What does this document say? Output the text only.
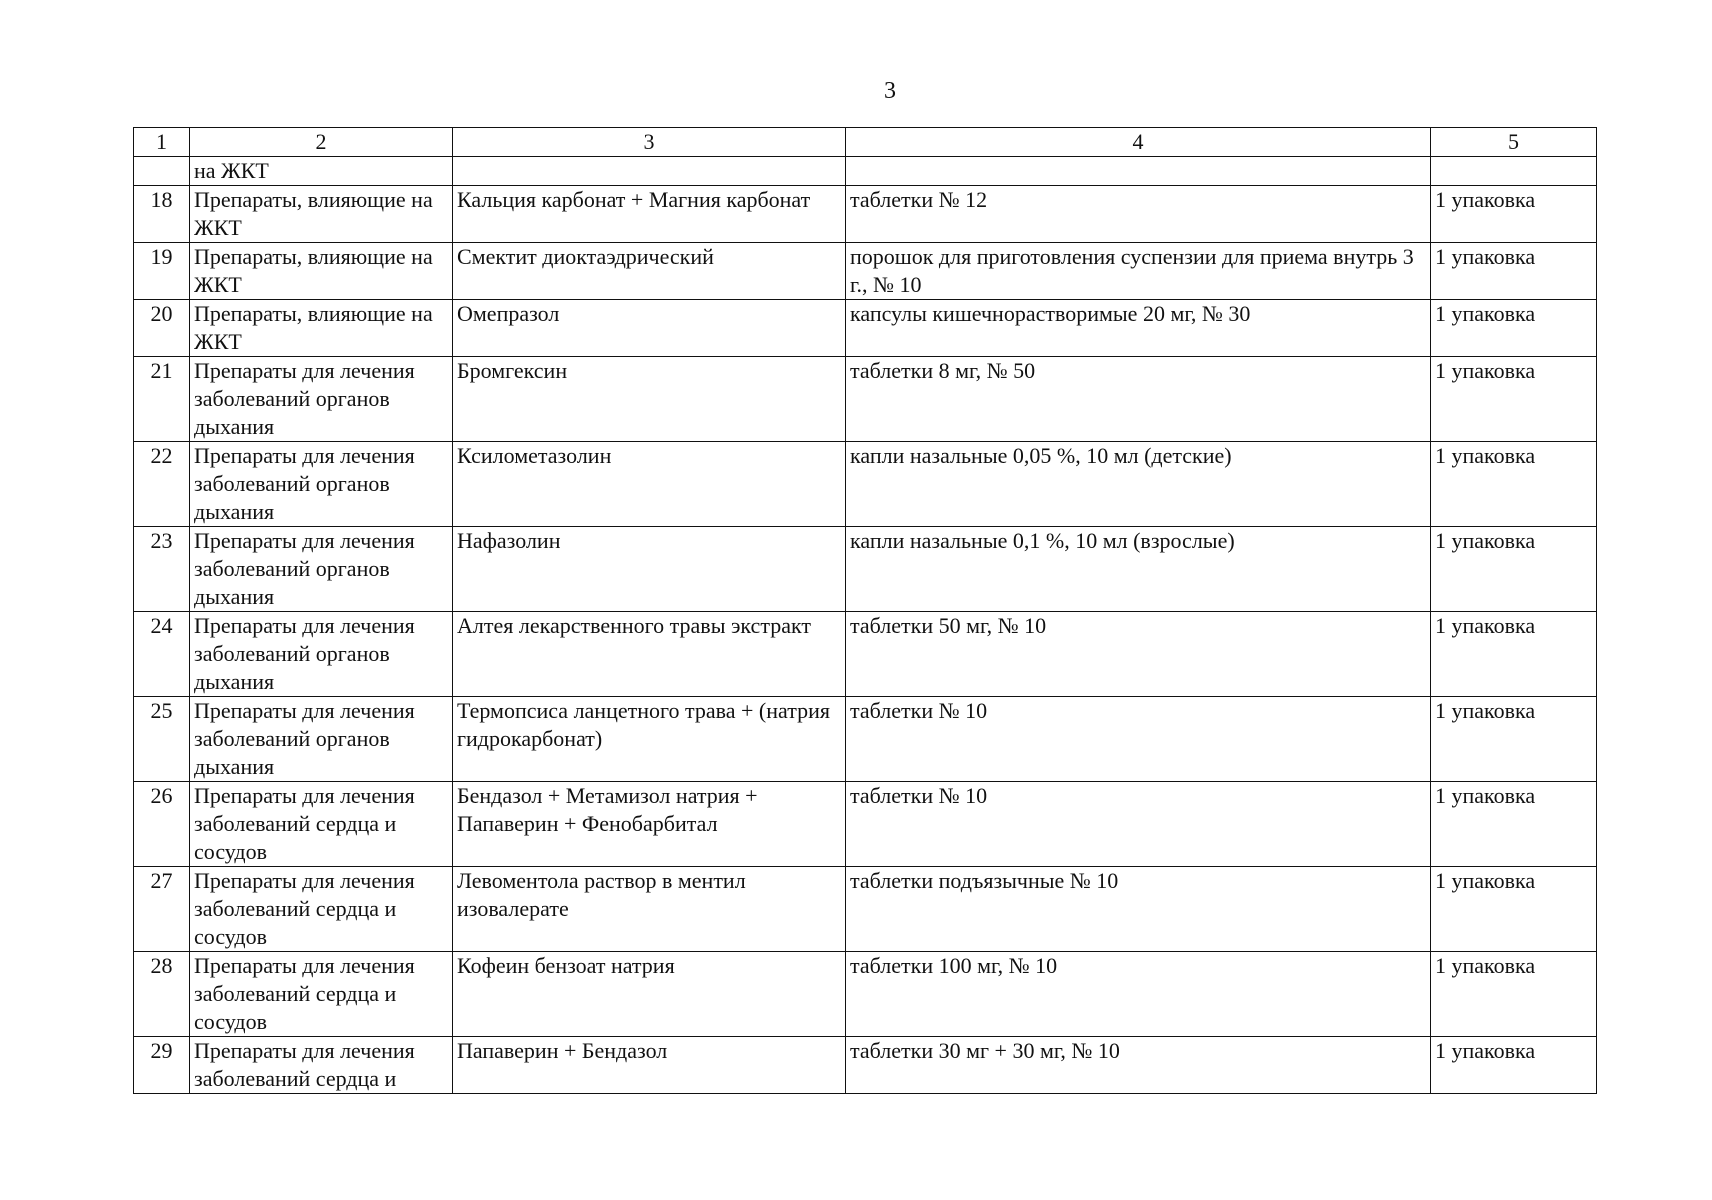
3
1	2	3	4	5
	на ЖКТ			
18	Препараты, влияющие на ЖКТ	Кальция карбонат + Магния карбонат	таблетки № 12	1 упаковка
19	Препараты, влияющие на ЖКТ	Смектит диоктаэдрический	порошок для приготовления суспензии для приема внутрь 3 г., № 10	1 упаковка
20	Препараты, влияющие на ЖКТ	Омепразол	капсулы кишечнорастворимые 20 мг, № 30	1 упаковка
21	Препараты для лечения заболеваний органов дыхания	Бромгексин	таблетки 8 мг, № 50	1 упаковка
22	Препараты для лечения заболеваний органов дыхания	Ксилометазолин	капли назальные 0,05 %, 10 мл (детские)	1 упаковка
23	Препараты для лечения заболеваний органов дыхания	Нафазолин	капли назальные 0,1 %, 10 мл (взрослые)	1 упаковка
24	Препараты для лечения заболеваний органов дыхания	Алтея лекарственного травы экстракт	таблетки 50 мг, № 10	1 упаковка
25	Препараты для лечения заболеваний органов дыхания	Термопсиса ланцетного трава + (натрия гидрокарбонат)	таблетки № 10	1 упаковка
26	Препараты для лечения заболеваний сердца и сосудов	Бендазол + Метамизол натрия + Папаверин + Фенобарбитал	таблетки № 10	1 упаковка
27	Препараты для лечения заболеваний сердца и сосудов	Левоментола раствор в ментил изовалерате	таблетки подъязычные № 10	1 упаковка
28	Препараты для лечения заболеваний сердца и сосудов	Кофеин бензоат натрия	таблетки 100 мг, № 10	1 упаковка
29	Препараты для лечения заболеваний сердца и	Папаверин + Бендазол	таблетки 30 мг + 30 мг, № 10	1 упаковка
